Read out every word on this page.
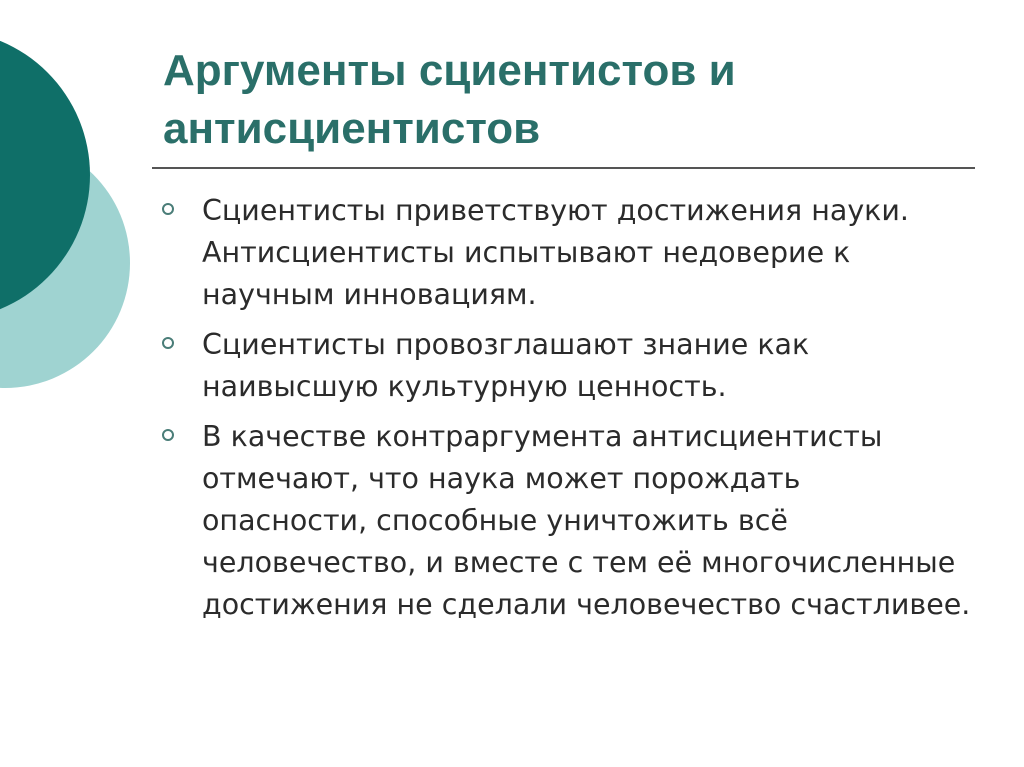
Аргументы сциентистов и антисциентистов
Сциентисты приветствуют достижения науки. Антисциентисты испытывают недоверие к научным инновациям.
Сциентисты провозглашают знание как наивысшую культурную ценность.
В качестве контраргумента антисциентисты отмечают, что наука может порождать опасности, способные уничтожить всё человечество, и вместе с тем её многочисленные достижения не сделали человечество счастливее.
